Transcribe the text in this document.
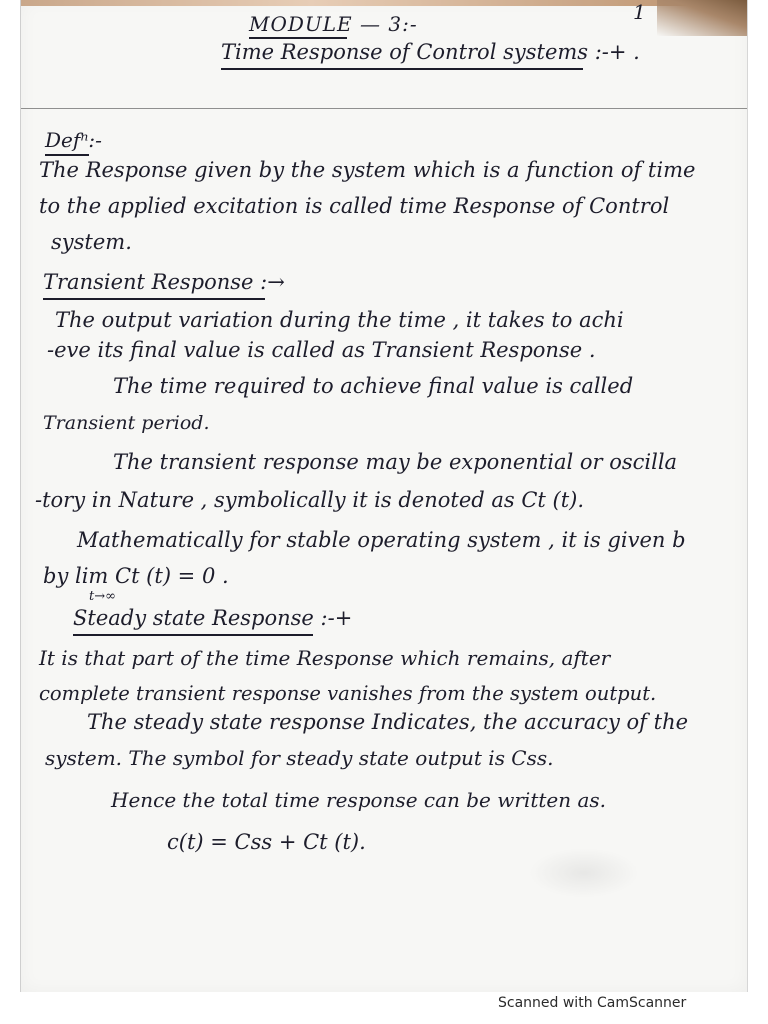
1
MODULE — 3:-
Time Response of Control systems :-+ .
Defⁿ:-
The Response given by the system which is a function of time
to the applied excitation is called time Response of Control
system.
Transient Response :→
The output variation during the time , it takes to achi
-eve its final value is called as Transient Response .
The time required to achieve final value is called
Transient period.
The transient response may be exponential or oscilla
-tory in Nature , symbolically it is denoted as Ct (t).
Mathematically for stable operating system , it is given b
by lim Ct (t) = 0 .
t→∞
Steady state Response :-+
It is that part of the time Response which remains, after
complete transient response vanishes from the system output.
The steady state response Indicates, the accuracy of the
system. The symbol for steady state output is Css.
Hence the total time response can be written as.
c(t) = Css + Ct (t).
Scanned with CamScanner
